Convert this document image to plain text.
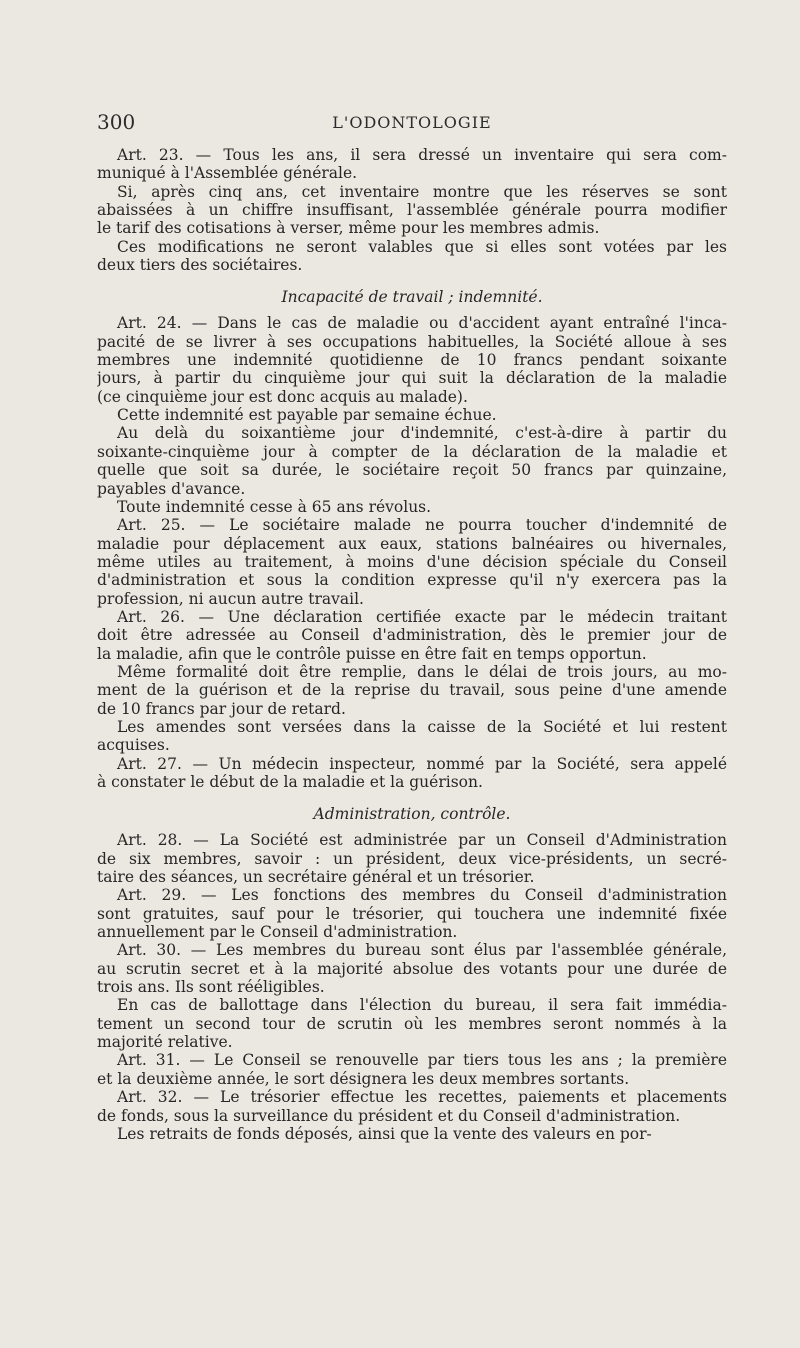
300	L'ODONTOLOGIE
Art. 23. — Tous les ans, il sera dressé un inventaire qui sera com-
muniqué à l'Assemblée générale.
Si, après cinq ans, cet inventaire montre que les réserves se sont
abaissées à un chiffre insuffisant, l'assemblée générale pourra modifier
le tarif des cotisations à verser, même pour les membres admis.
Ces modifications ne seront valables que si elles sont votées par les
deux tiers des sociétaires.
Incapacité de travail ; indemnité.
Art. 24. — Dans le cas de maladie ou d'accident ayant entraîné l'inca-
pacité de se livrer à ses occupations habituelles, la Société alloue à ses
membres une indemnité quotidienne de 10 francs pendant soixante
jours, à partir du cinquième jour qui suit la déclaration de la maladie
(ce cinquième jour est donc acquis au malade).
Cette indemnité est payable par semaine échue.
Au delà du soixantième jour d'indemnité, c'est-à-dire à partir du
soixante-cinquième jour à compter de la déclaration de la maladie et
quelle que soit sa durée, le sociétaire reçoit 50 francs par quinzaine,
payables d'avance.
Toute indemnité cesse à 65 ans révolus.
Art. 25. — Le sociétaire malade ne pourra toucher d'indemnité de
maladie pour déplacement aux eaux, stations balnéaires ou hivernales,
même utiles au traitement, à moins d'une décision spéciale du Conseil
d'administration et sous la condition expresse qu'il n'y exercera pas la
profession, ni aucun autre travail.
Art. 26. — Une déclaration certifiée exacte par le médecin traitant
doit être adressée au Conseil d'administration, dès le premier jour de
la maladie, afin que le contrôle puisse en être fait en temps opportun.
Même formalité doit être remplie, dans le délai de trois jours, au mo-
ment de la guérison et de la reprise du travail, sous peine d'une amende
de 10 francs par jour de retard.
Les amendes sont versées dans la caisse de la Société et lui restent
acquises.
Art. 27. — Un médecin inspecteur, nommé par la Société, sera appelé
à constater le début de la maladie et la guérison.
Administration, contrôle.
Art. 28. — La Société est administrée par un Conseil d'Administration
de six membres, savoir : un président, deux vice-présidents, un secré-
taire des séances, un secrétaire général et un trésorier.
Art. 29. — Les fonctions des membres du Conseil d'administration
sont gratuites, sauf pour le trésorier, qui touchera une indemnité fixée
annuellement par le Conseil d'administration.
Art. 30. — Les membres du bureau sont élus par l'assemblée générale,
au scrutin secret et à la majorité absolue des votants pour une durée de
trois ans. Ils sont rééligibles.
En cas de ballottage dans l'élection du bureau, il sera fait immédia-
tement un second tour de scrutin où les membres seront nommés à la
majorité relative.
Art. 31. — Le Conseil se renouvelle par tiers tous les ans ; la première
et la deuxième année, le sort désignera les deux membres sortants.
Art. 32. — Le trésorier effectue les recettes, paiements et placements
de fonds, sous la surveillance du président et du Conseil d'administration.
Les retraits de fonds déposés, ainsi que la vente des valeurs en por-
